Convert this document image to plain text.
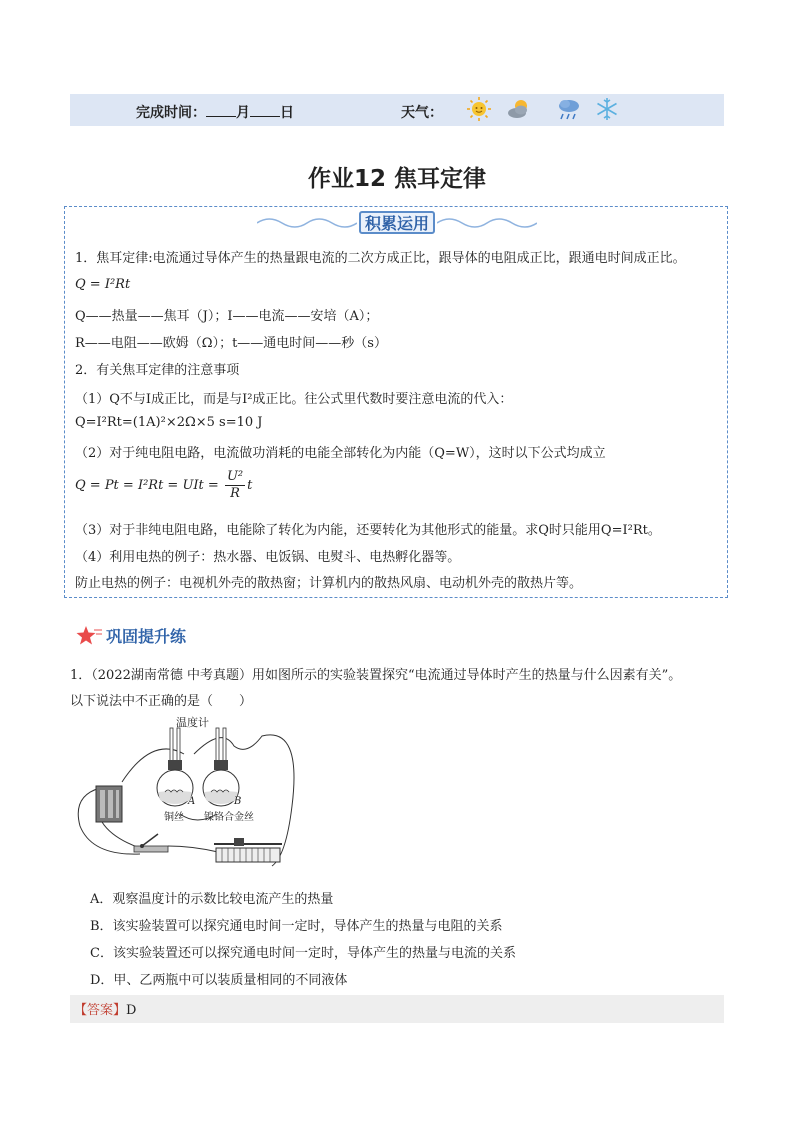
完成时间： 月 日	天气：
作业12 焦耳定律
积累运用
1．焦耳定律:电流通过导体产生的热量跟电流的二次方成正比，跟导体的电阻成正比，跟通电时间成正比。
Q = I²Rt
Q——热量——焦耳（J）；I——电流——安培（A）；
R——电阻——欧姆（Ω）；t——通电时间——秒（s）
2．有关焦耳定律的注意事项
（1）Q不与I成正比，而是与I²成正比。往公式里代数时要注意电流的代入：
Q=I²Rt=(1A)²×2Ω×5 s=10 J
（2）对于纯电阻电路，电流做功消耗的电能全部转化为内能（Q=W），这时以下公式均成立
Q = Pt = I²Rt = UIt = $\frac{\text{U²}}{R}$ t
（3）对于非纯电阻电路，电能除了转化为内能，还要转化为其他形式的能量。求Q时只能用Q=I²Rt。
（4）利用电热的例子：热水器、电饭锅、电熨斗、电热孵化器等。
防止电热的例子：电视机外壳的散热窗；计算机内的散热风扇、电动机外壳的散热片等。
巩固提升练
1．（2022湖南常德 中考真题）用如图所示的实验装置探究“电流通过导体时产生的热量与什么因素有关”。
以下说法中不正确的是（　　）
温度计
A	B
铜丝 镍铬合金丝
A．观察温度计的示数比较电流产生的热量
B．该实验装置可以探究通电时间一定时，导体产生的热量与电阻的关系
C．该实验装置还可以探究通电时间一定时，导体产生的热量与电流的关系
D．甲、乙两瓶中可以装质量相同的不同液体
【答案】D
